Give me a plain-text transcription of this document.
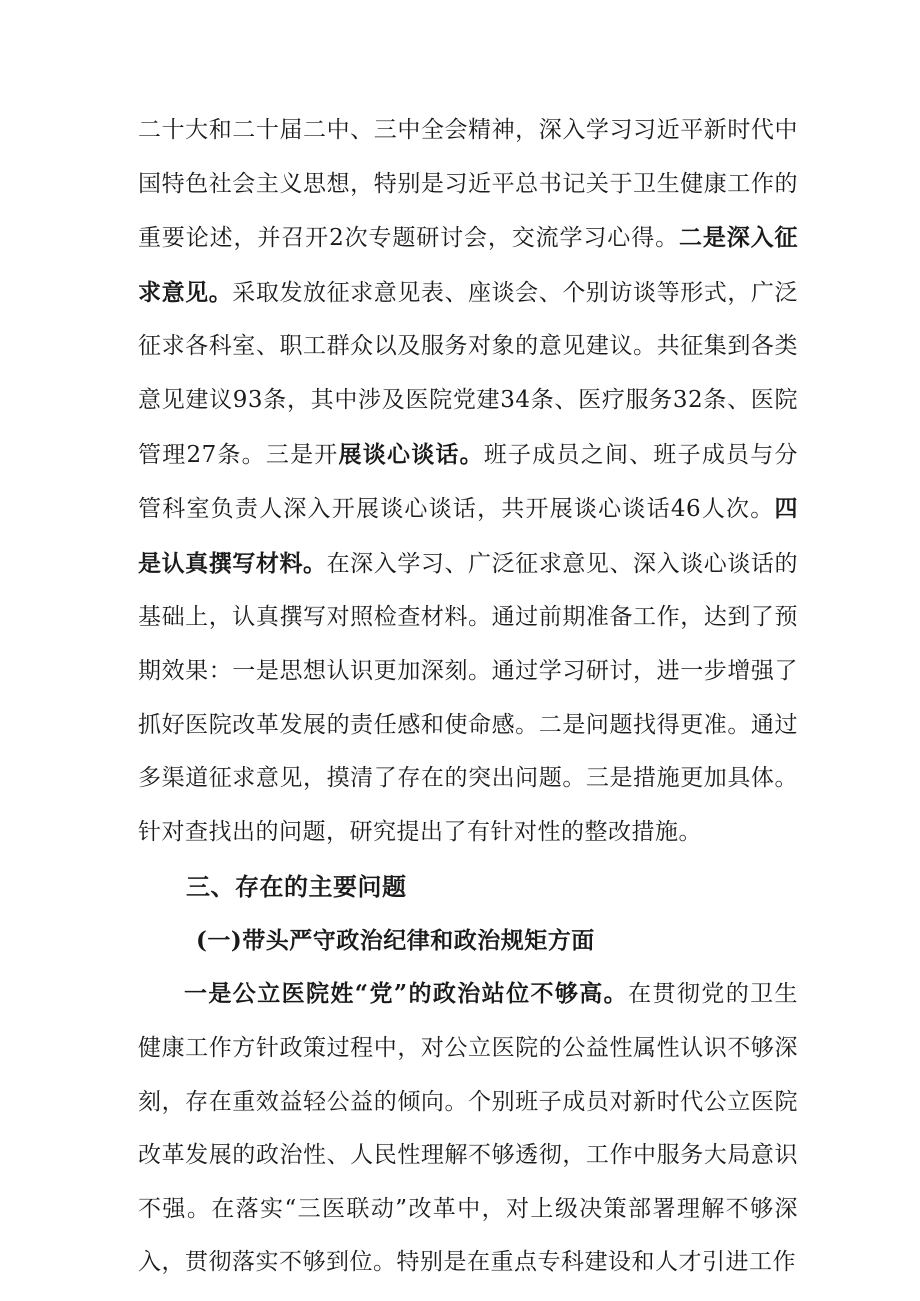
二十大和二十届二中、三中全会精神，深入学习习近平新时代中国特色社会主义思想，特别是习近平总书记关于卫生健康工作的重要论述，并召开2次专题研讨会，交流学习心得。二是深入征求意见。采取发放征求意见表、座谈会、个别访谈等形式，广泛征求各科室、职工群众以及服务对象的意见建议。共征集到各类意见建议93条，其中涉及医院党建34条、医疗服务32条、医院管理27条。三是开展谈心谈话。班子成员之间、班子成员与分管科室负责人深入开展谈心谈话，共开展谈心谈话46人次。四是认真撰写材料。在深入学习、广泛征求意见、深入谈心谈话的基础上，认真撰写对照检查材料。通过前期准备工作，达到了预期效果：一是思想认识更加深刻。通过学习研讨，进一步增强了抓好医院改革发展的责任感和使命感。二是问题找得更准。通过多渠道征求意见，摸清了存在的突出问题。三是措施更加具体。针对查找出的问题，研究提出了有针对性的整改措施。

三、存在的主要问题
(一)带头严守政治纪律和政治规矩方面

一是公立医院姓“党”的政治站位不够高。在贯彻党的卫生健康工作方针政策过程中，对公立医院的公益性属性认识不够深刻，存在重效益轻公益的倾向。个别班子成员对新时代公立医院改革发展的政治性、人民性理解不够透彻，工作中服务大局意识不强。在落实“三医联动”改革中，对上级决策部署理解不够深入，贯彻落实不够到位。特别是在重点专科建设和人才引进工作
